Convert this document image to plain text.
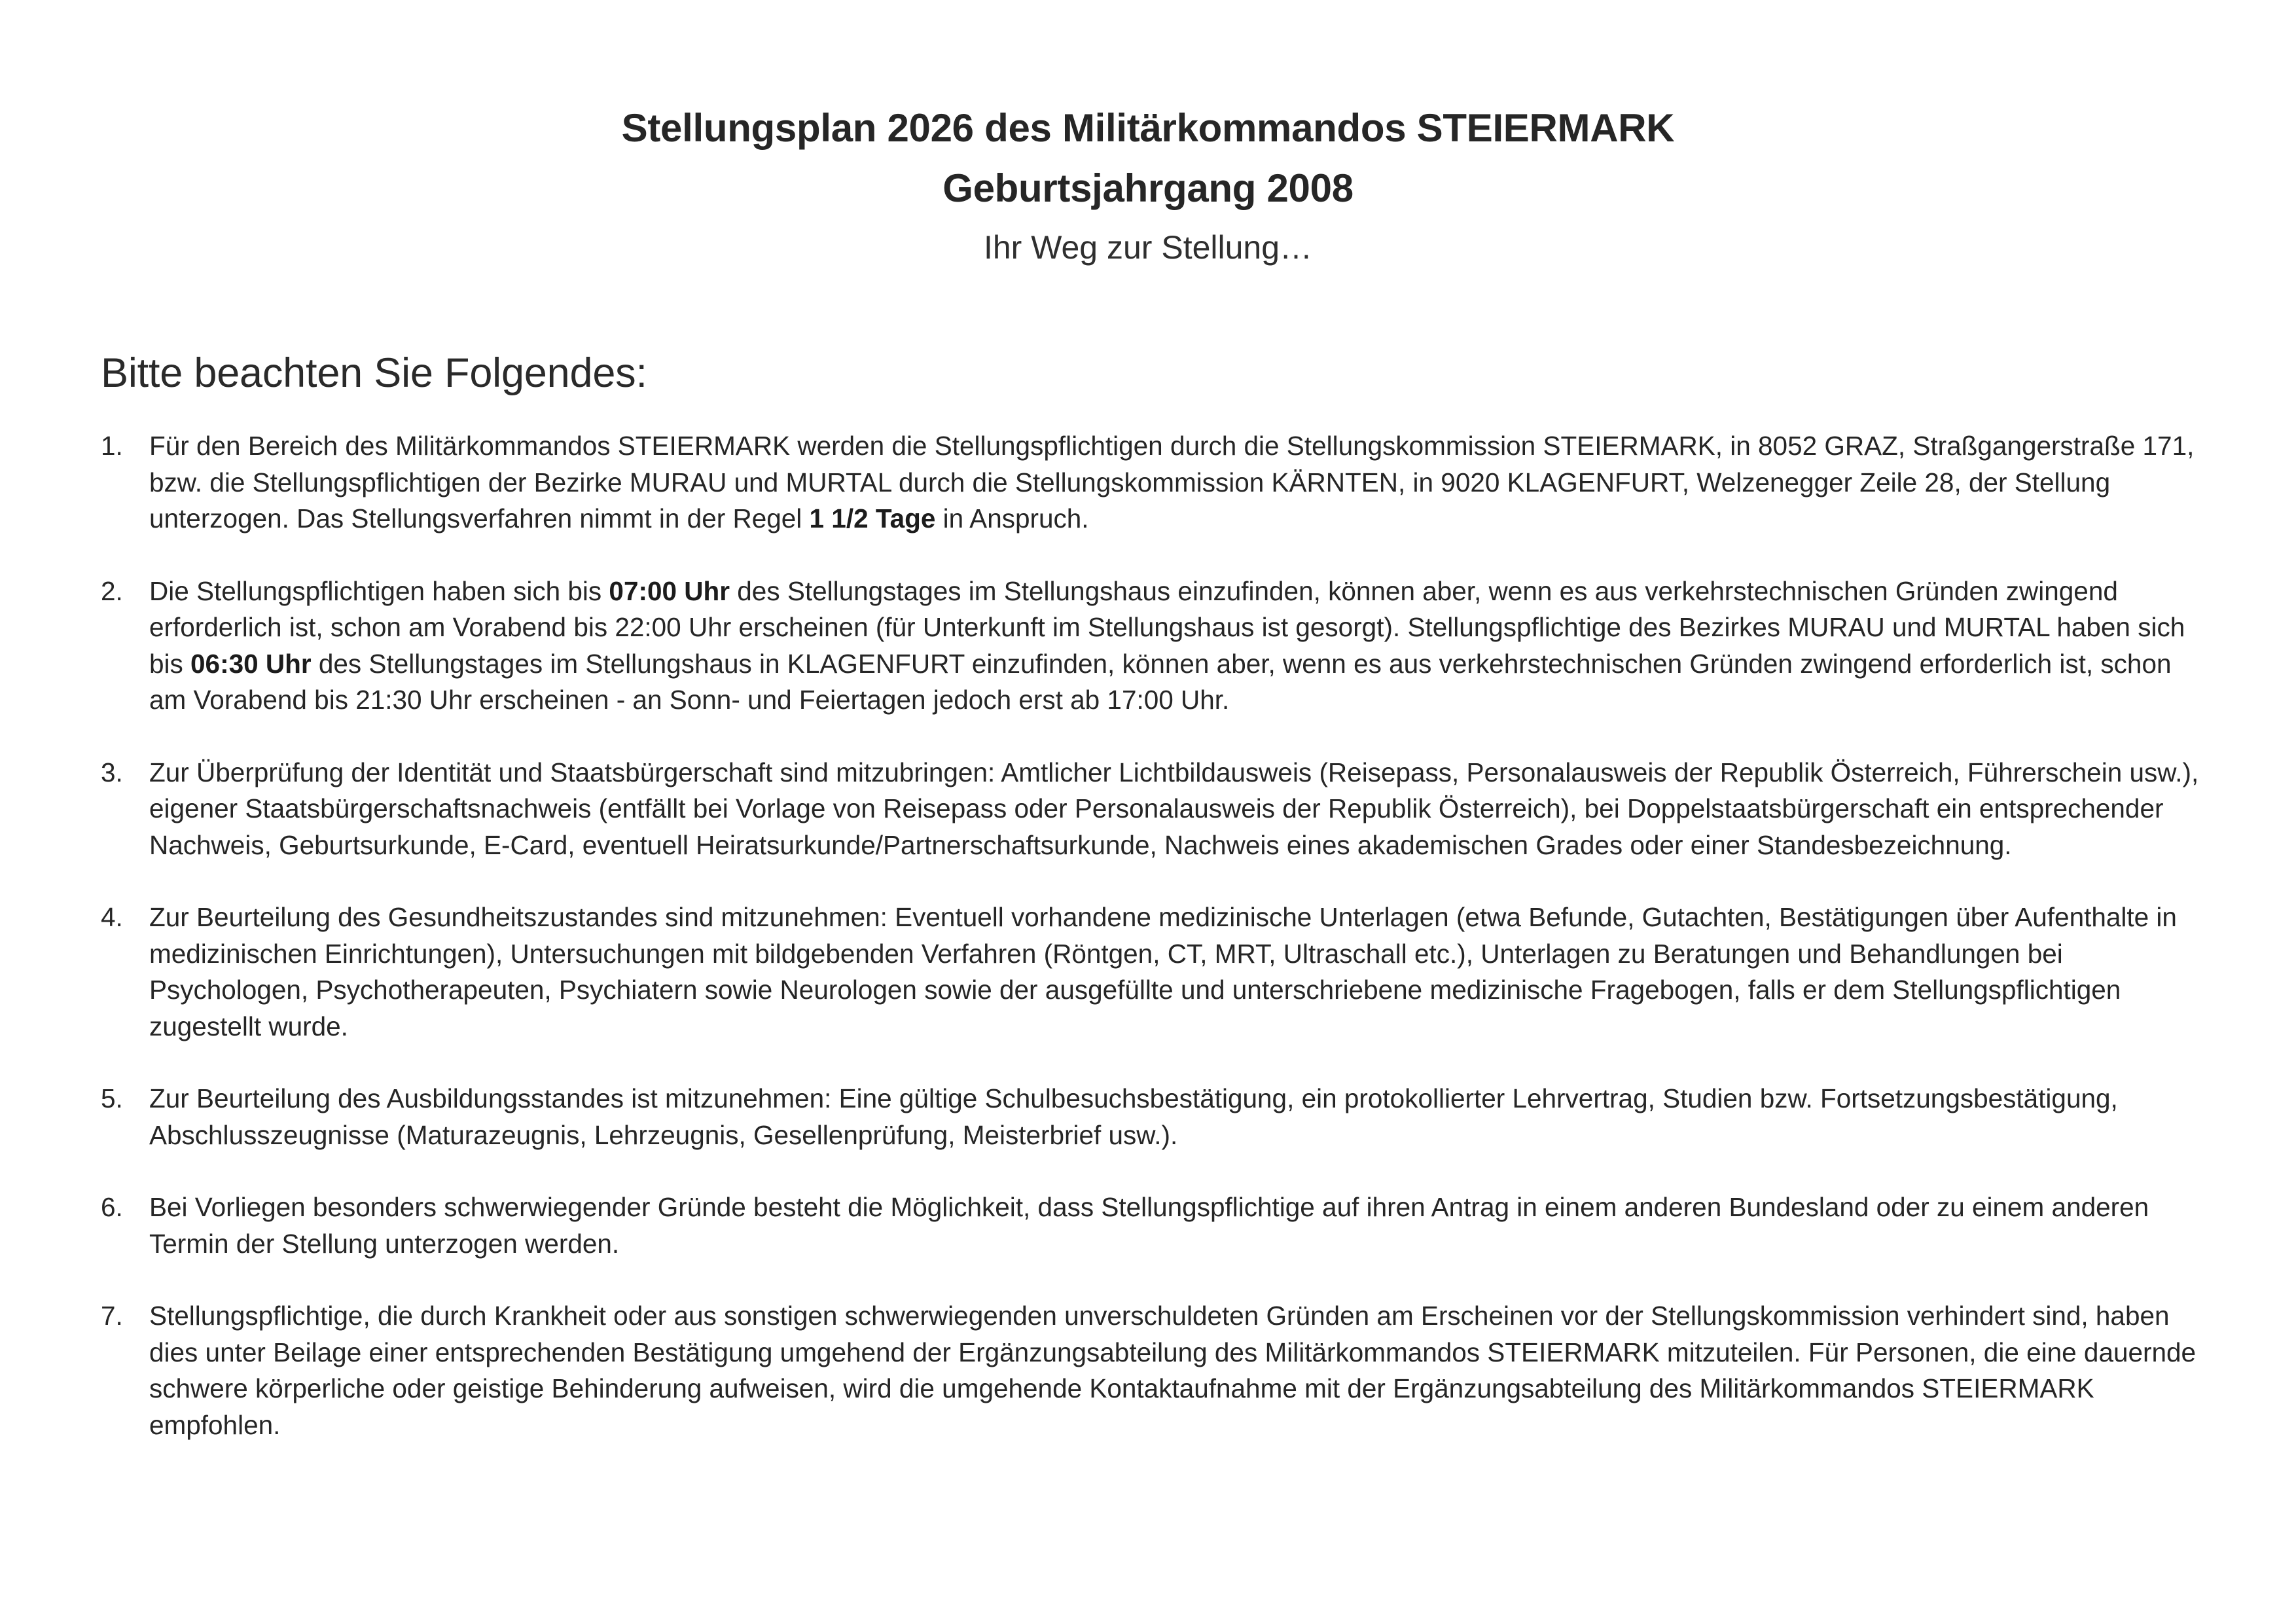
Stellungsplan 2026 des Militärkommandos STEIERMARK
Geburtsjahrgang 2008
Ihr Weg zur Stellung…
Bitte beachten Sie Folgendes:
1. Für den Bereich des Militärkommandos STEIERMARK werden die Stellungspflichtigen durch die Stellungskommission STEIERMARK, in 8052 GRAZ, Straßgangerstraße 171, bzw. die Stellungspflichtigen der Bezirke MURAU und MURTAL durch die Stellungskommission KÄRNTEN, in 9020 KLAGENFURT, Welzenegger Zeile 28, der Stellung unterzogen. Das Stellungsverfahren nimmt in der Regel 1 1/2 Tage in Anspruch.
2. Die Stellungspflichtigen haben sich bis 07:00 Uhr des Stellungstages im Stellungshaus einzufinden, können aber, wenn es aus verkehrstechnischen Gründen zwingend erforderlich ist, schon am Vorabend bis 22:00 Uhr erscheinen (für Unterkunft im Stellungshaus ist gesorgt). Stellungspflichtige des Bezirkes MURAU und MURTAL haben sich bis 06:30 Uhr des Stellungstages im Stellungshaus in KLAGENFURT einzufinden, können aber, wenn es aus verkehrstechnischen Gründen zwingend erforderlich ist, schon am Vorabend bis 21:30 Uhr erscheinen - an Sonn- und Feiertagen jedoch erst ab 17:00 Uhr.
3. Zur Überprüfung der Identität und Staatsbürgerschaft sind mitzubringen: Amtlicher Lichtbildausweis (Reisepass, Personalausweis der Republik Österreich, Führerschein usw.), eigener Staatsbürgerschaftsnachweis (entfällt bei Vorlage von Reisepass oder Personalausweis der Republik Österreich), bei Doppelstaatsbürgerschaft ein entsprechender Nachweis, Geburtsurkunde, E-Card, eventuell Heiratsurkunde/Partnerschaftsurkunde, Nachweis eines akademischen Grades oder einer Standesbezeichnung.
4. Zur Beurteilung des Gesundheitszustandes sind mitzunehmen: Eventuell vorhandene medizinische Unterlagen (etwa Befunde, Gutachten, Bestätigungen über Aufenthalte in medizinischen Einrichtungen), Untersuchungen mit bildgebenden Verfahren (Röntgen, CT, MRT, Ultraschall etc.), Unterlagen zu Beratungen und Behandlungen bei Psychologen, Psychotherapeuten, Psychiatern sowie Neurologen sowie der ausgefüllte und unterschriebene medizinische Fragebogen, falls er dem Stellungspflichtigen zugestellt wurde.
5. Zur Beurteilung des Ausbildungsstandes ist mitzunehmen: Eine gültige Schulbesuchsbestätigung, ein protokollierter Lehrvertrag, Studien bzw. Fortsetzungsbestätigung, Abschlusszeugnisse (Maturazeugnis, Lehrzeugnis, Gesellenprüfung, Meisterbrief usw.).
6. Bei Vorliegen besonders schwerwiegender Gründe besteht die Möglichkeit, dass Stellungspflichtige auf ihren Antrag in einem anderen Bundesland oder zu einem anderen Termin der Stellung unterzogen werden.
7. Stellungspflichtige, die durch Krankheit oder aus sonstigen schwerwiegenden unverschuldeten Gründen am Erscheinen vor der Stellungskommission verhindert sind, haben dies unter Beilage einer entsprechenden Bestätigung umgehend der Ergänzungsabteilung des Militärkommandos STEIERMARK mitzuteilen. Für Personen, die eine dauernde schwere körperliche oder geistige Behinderung aufweisen, wird die umgehende Kontaktaufnahme mit der Ergänzungsabteilung des Militärkommandos STEIERMARK empfohlen.
